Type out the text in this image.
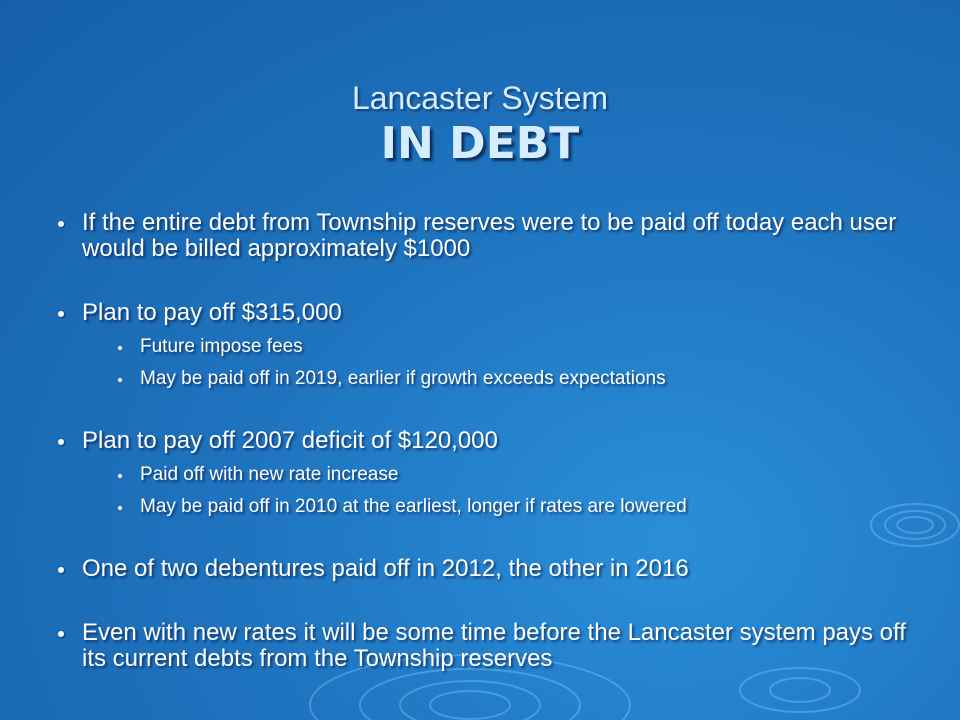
Lancaster System
IN DEBT
If the entire debt from Township reserves were to be paid off today each user would be billed approximately $1000
Plan to pay off $315,000
Future impose fees
May be paid off in 2019, earlier if growth exceeds expectations
Plan to pay off 2007 deficit of $120,000
Paid off with new rate increase
May be paid off in 2010 at the earliest, longer if rates are lowered
One of two debentures paid off in 2012, the other in 2016
Even with new rates it will be some time before the Lancaster system pays off its current debts from the Township reserves
